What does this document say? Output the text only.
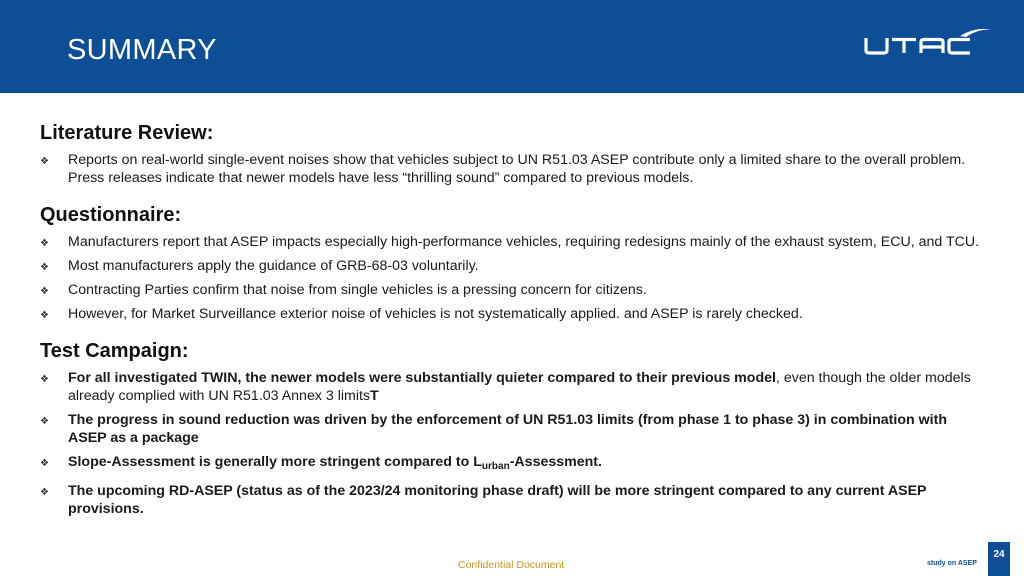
SUMMARY
UTAC
Literature Review:
❖ Reports on real-world single-event noises show that vehicles subject to UN R51.03 ASEP contribute only a limited share to the overall problem.
Press releases indicate that newer models have less “thrilling sound” compared to previous models.
Questionnaire:
❖ Manufacturers report that ASEP impacts especially high-performance vehicles, requiring redesigns mainly of the exhaust system, ECU, and TCU.
❖ Most manufacturers apply the guidance of GRB-68-03 voluntarily.
❖ Contracting Parties confirm that noise from single vehicles is a pressing concern for citizens.
❖ However, for Market Surveillance exterior noise of vehicles is not systematically applied. and ASEP is rarely checked.
Test Campaign:
❖ For all investigated TWIN, the newer models were substantially quieter compared to their previous model, even though the older models already complied with UN R51.03 Annex 3 limitsT
❖ The progress in sound reduction was driven by the enforcement of UN R51.03 limits (from phase 1 to phase 3) in combination with ASEP as a package
❖ Slope-Assessment is generally more stringent compared to $L_{urban}$-Assessment.
❖ The upcoming RD-ASEP (status as of the 2023/24 monitoring phase draft) will be more stringent compared to any current ASEP provisions.
Confidential Document	study on ASEP
24
